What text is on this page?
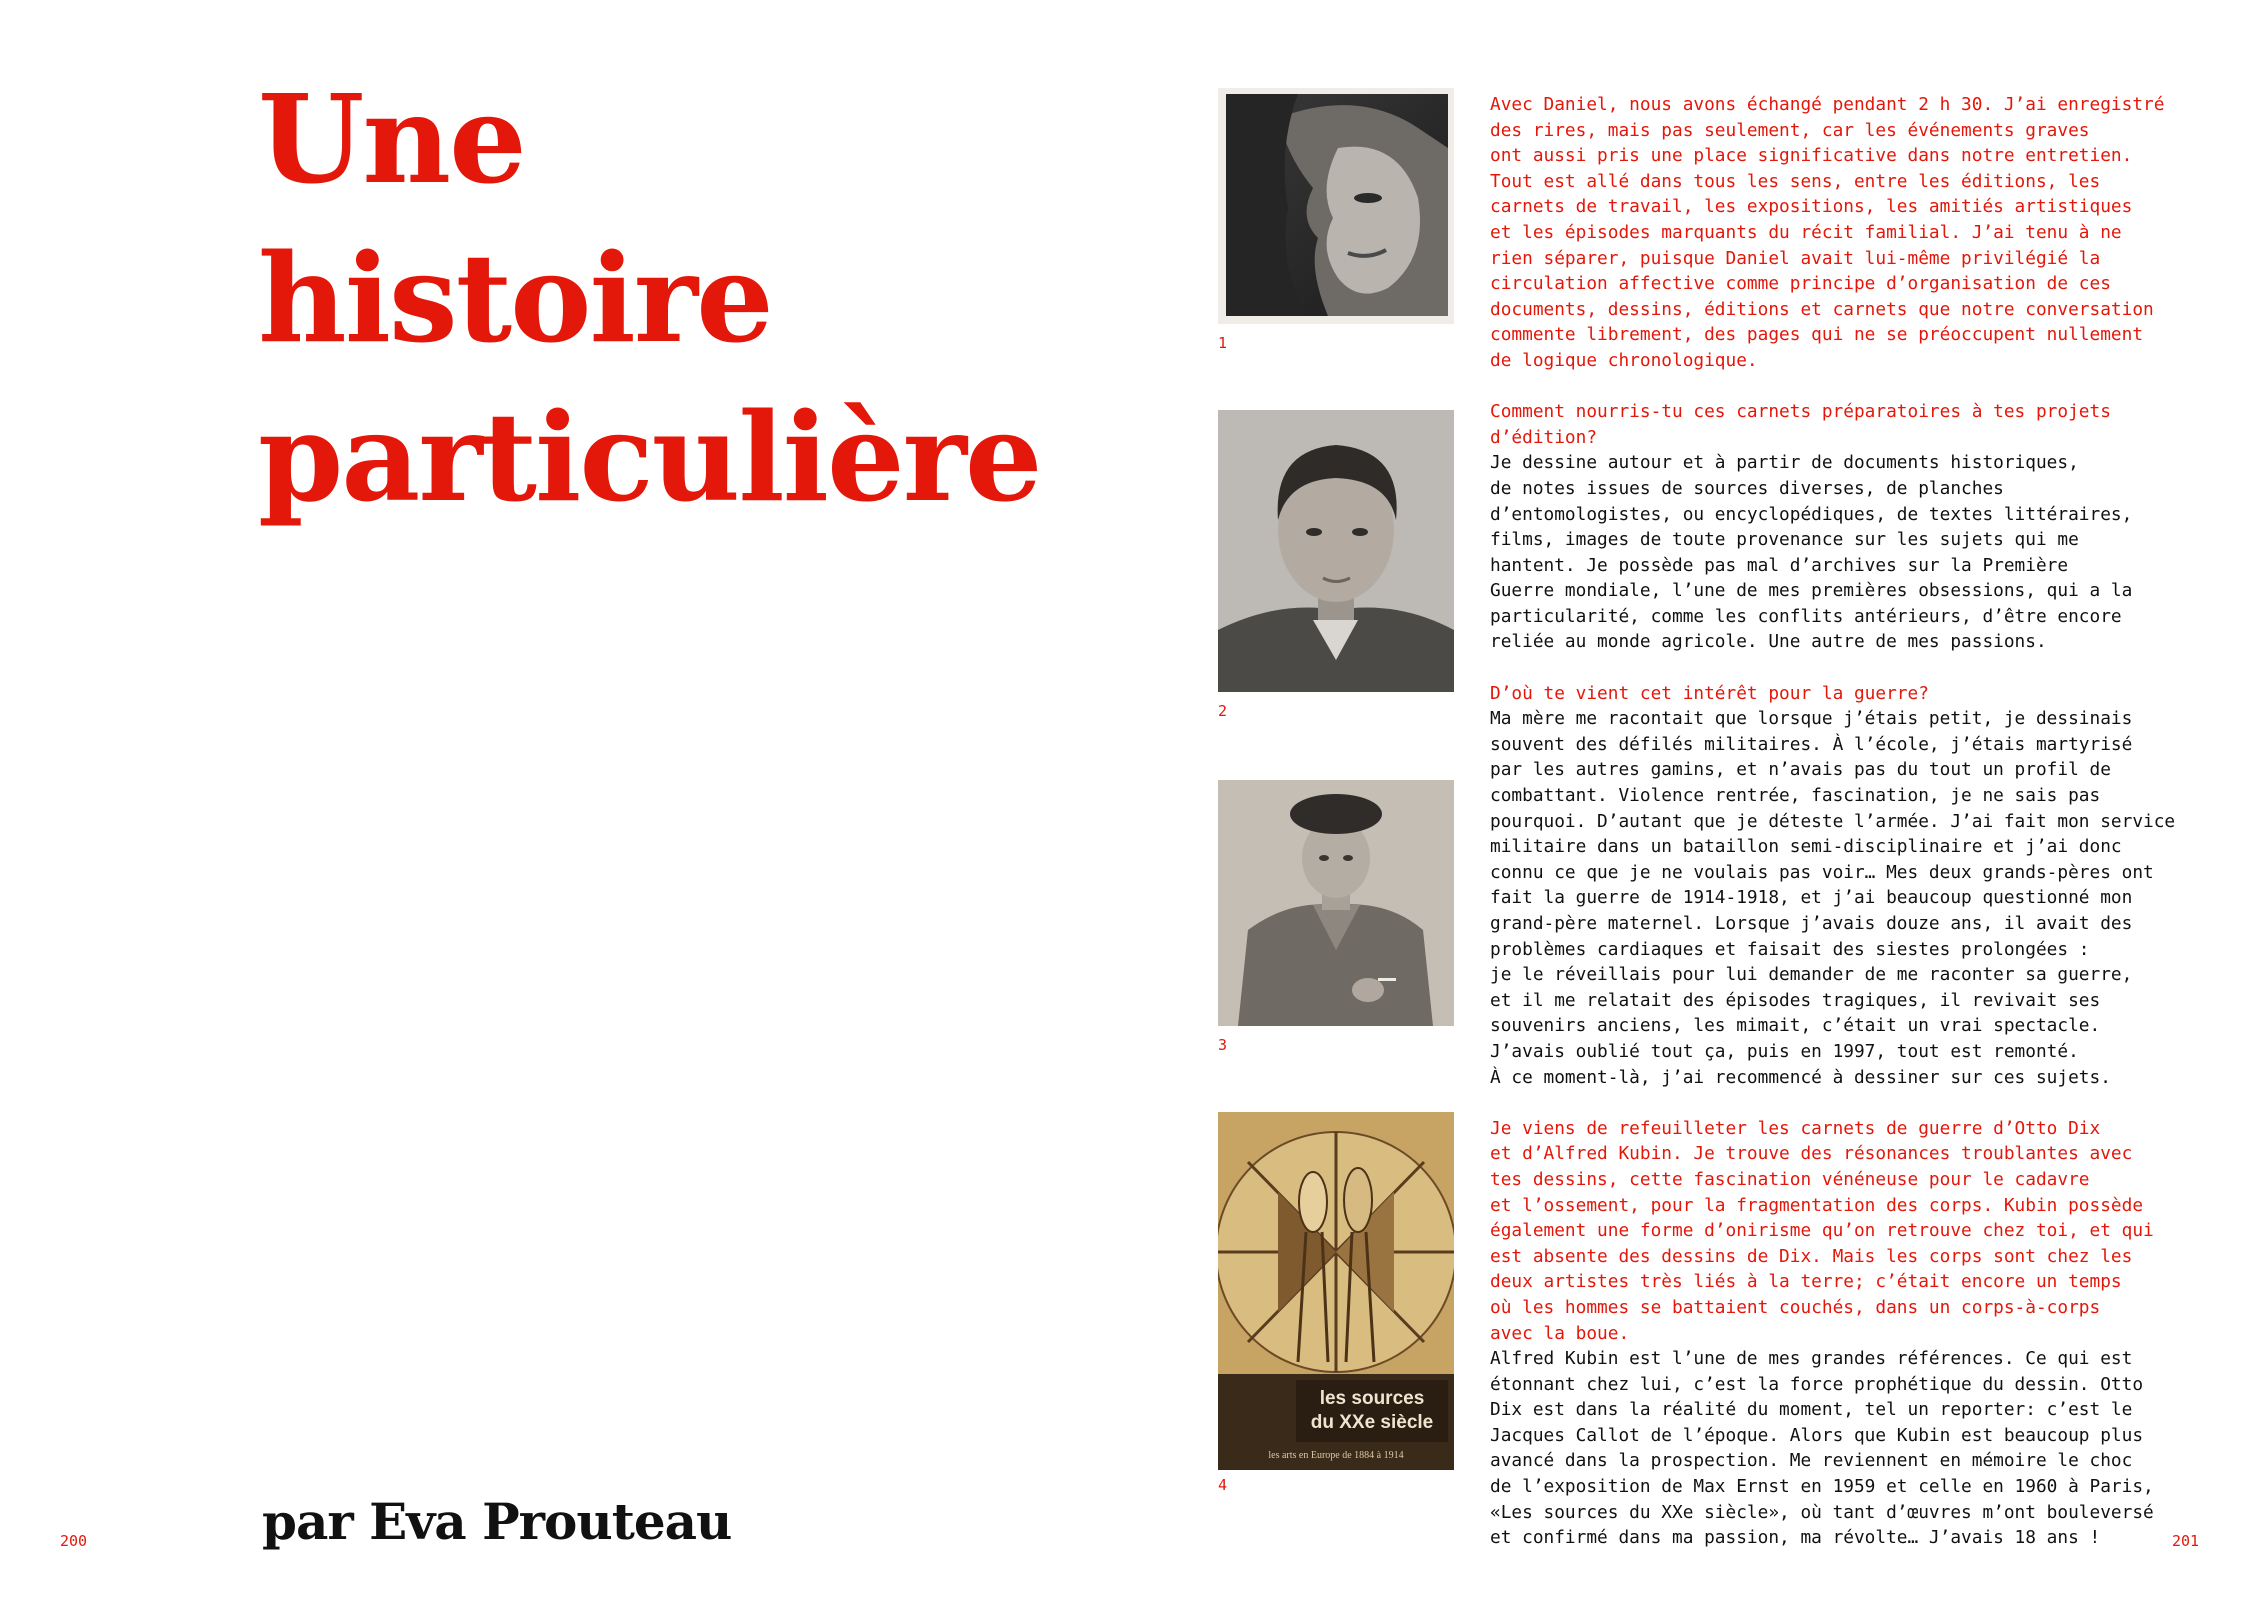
Une
histoire
particulière

par Eva Prouteau

200
1
2
3
les sources
du XXe siècle
les arts en Europe de 1884 à 1914
4

Avec Daniel, nous avons échangé pendant 2 h 30. J’ai enregistré
des rires, mais pas seulement, car les événements graves
ont aussi pris une place significative dans notre entretien.
Tout est allé dans tous les sens, entre les éditions, les
carnets de travail, les expositions, les amitiés artistiques
et les épisodes marquants du récit familial. J’ai tenu à ne
rien séparer, puisque Daniel avait lui-même privilégié la
circulation affective comme principe d’organisation de ces
documents, dessins, éditions et carnets que notre conversation
commente librement, des pages qui ne se préoccupent nullement
de logique chronologique.

Comment nourris-tu ces carnets préparatoires à tes projets
d’édition?

Je dessine autour et à partir de documents historiques,
de notes issues de sources diverses, de planches
d’entomologistes, ou encyclopédiques, de textes littéraires,
films, images de toute provenance sur les sujets qui me
hantent. Je possède pas mal d’archives sur la Première
Guerre mondiale, l’une de mes premières obsessions, qui a la
particularité, comme les conflits antérieurs, d’être encore
reliée au monde agricole. Une autre de mes passions.

D’où te vient cet intérêt pour la guerre?

Ma mère me racontait que lorsque j’étais petit, je dessinais
souvent des défilés militaires. À l’école, j’étais martyrisé
par les autres gamins, et n’avais pas du tout un profil de
combattant. Violence rentrée, fascination, je ne sais pas
pourquoi. D’autant que je déteste l’armée. J’ai fait mon service
militaire dans un bataillon semi-disciplinaire et j’ai donc
connu ce que je ne voulais pas voir… Mes deux grands-pères ont
fait la guerre de 1914-1918, et j’ai beaucoup questionné mon
grand-père maternel. Lorsque j’avais douze ans, il avait des
problèmes cardiaques et faisait des siestes prolongées :
je le réveillais pour lui demander de me raconter sa guerre,
et il me relatait des épisodes tragiques, il revivait ses
souvenirs anciens, les mimait, c’était un vrai spectacle.
J’avais oublié tout ça, puis en 1997, tout est remonté.
À ce moment-là, j’ai recommencé à dessiner sur ces sujets.

Je viens de refeuilleter les carnets de guerre d’Otto Dix
et d’Alfred Kubin. Je trouve des résonances troublantes avec
tes dessins, cette fascination vénéneuse pour le cadavre
et l’ossement, pour la fragmentation des corps. Kubin possède
également une forme d’onirisme qu’on retrouve chez toi, et qui
est absente des dessins de Dix. Mais les corps sont chez les
deux artistes très liés à la terre; c’était encore un temps
où les hommes se battaient couchés, dans un corps-à-corps
avec la boue.

Alfred Kubin est l’une de mes grandes références. Ce qui est
étonnant chez lui, c’est la force prophétique du dessin. Otto
Dix est dans la réalité du moment, tel un reporter: c’est le
Jacques Callot de l’époque. Alors que Kubin est beaucoup plus
avancé dans la prospection. Me reviennent en mémoire le choc
de l’exposition de Max Ernst en 1959 et celle en 1960 à Paris,
«Les sources du XXe siècle», où tant d’œuvres m’ont bouleversé
et confirmé dans ma passion, ma révolte… J’avais 18 ans !	201
